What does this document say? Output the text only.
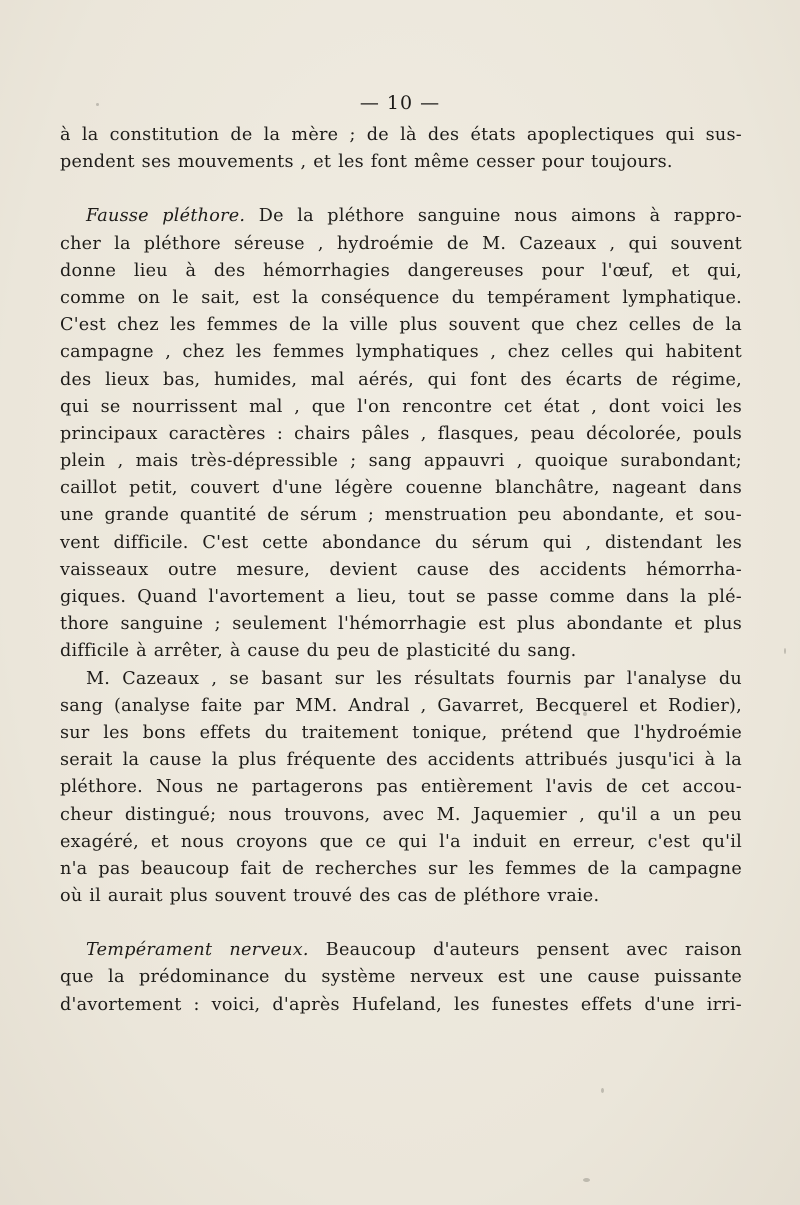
— 10 —
à la constitution de la mère ; de là des états apoplectiques qui sus-
pendent ses mouvements , et les font même cesser pour toujours.
Fausse pléthore. De la pléthore sanguine nous aimons à rappro-
cher la pléthore séreuse , hydroémie de M. Cazeaux , qui souvent
donne lieu à des hémorrhagies dangereuses pour l'œuf, et qui,
comme on le sait, est la conséquence du tempérament lymphatique.
C'est chez les femmes de la ville plus souvent que chez celles de la
campagne , chez les femmes lymphatiques , chez celles qui habitent
des lieux bas, humides, mal aérés, qui font des écarts de régime,
qui se nourrissent mal , que l'on rencontre cet état , dont voici les
principaux caractères : chairs pâles , flasques, peau décolorée, pouls
plein , mais très-dépressible ; sang appauvri , quoique surabondant;
caillot petit, couvert d'une légère couenne blanchâtre, nageant dans
une grande quantité de sérum ; menstruation peu abondante, et sou-
vent difficile. C'est cette abondance du sérum qui , distendant les
vaisseaux outre mesure, devient cause des accidents hémorrha-
giques. Quand l'avortement a lieu, tout se passe comme dans la plé-
thore sanguine ; seulement l'hémorrhagie est plus abondante et plus
difficile à arrêter, à cause du peu de plasticité du sang.
M. Cazeaux , se basant sur les résultats fournis par l'analyse du
sang (analyse faite par MM. Andral , Gavarret, Becquerel et Rodier),
sur les bons effets du traitement tonique, prétend que l'hydroémie
serait la cause la plus fréquente des accidents attribués jusqu'ici à la
pléthore. Nous ne partagerons pas entièrement l'avis de cet accou-
cheur distingué; nous trouvons, avec M. Jaquemier , qu'il a un peu
exagéré, et nous croyons que ce qui l'a induit en erreur, c'est qu'il
n'a pas beaucoup fait de recherches sur les femmes de la campagne
où il aurait plus souvent trouvé des cas de pléthore vraie.
Tempérament nerveux. Beaucoup d'auteurs pensent avec raison
que la prédominance du système nerveux est une cause puissante
d'avortement : voici, d'après Hufeland, les funestes effets d'une irri-
